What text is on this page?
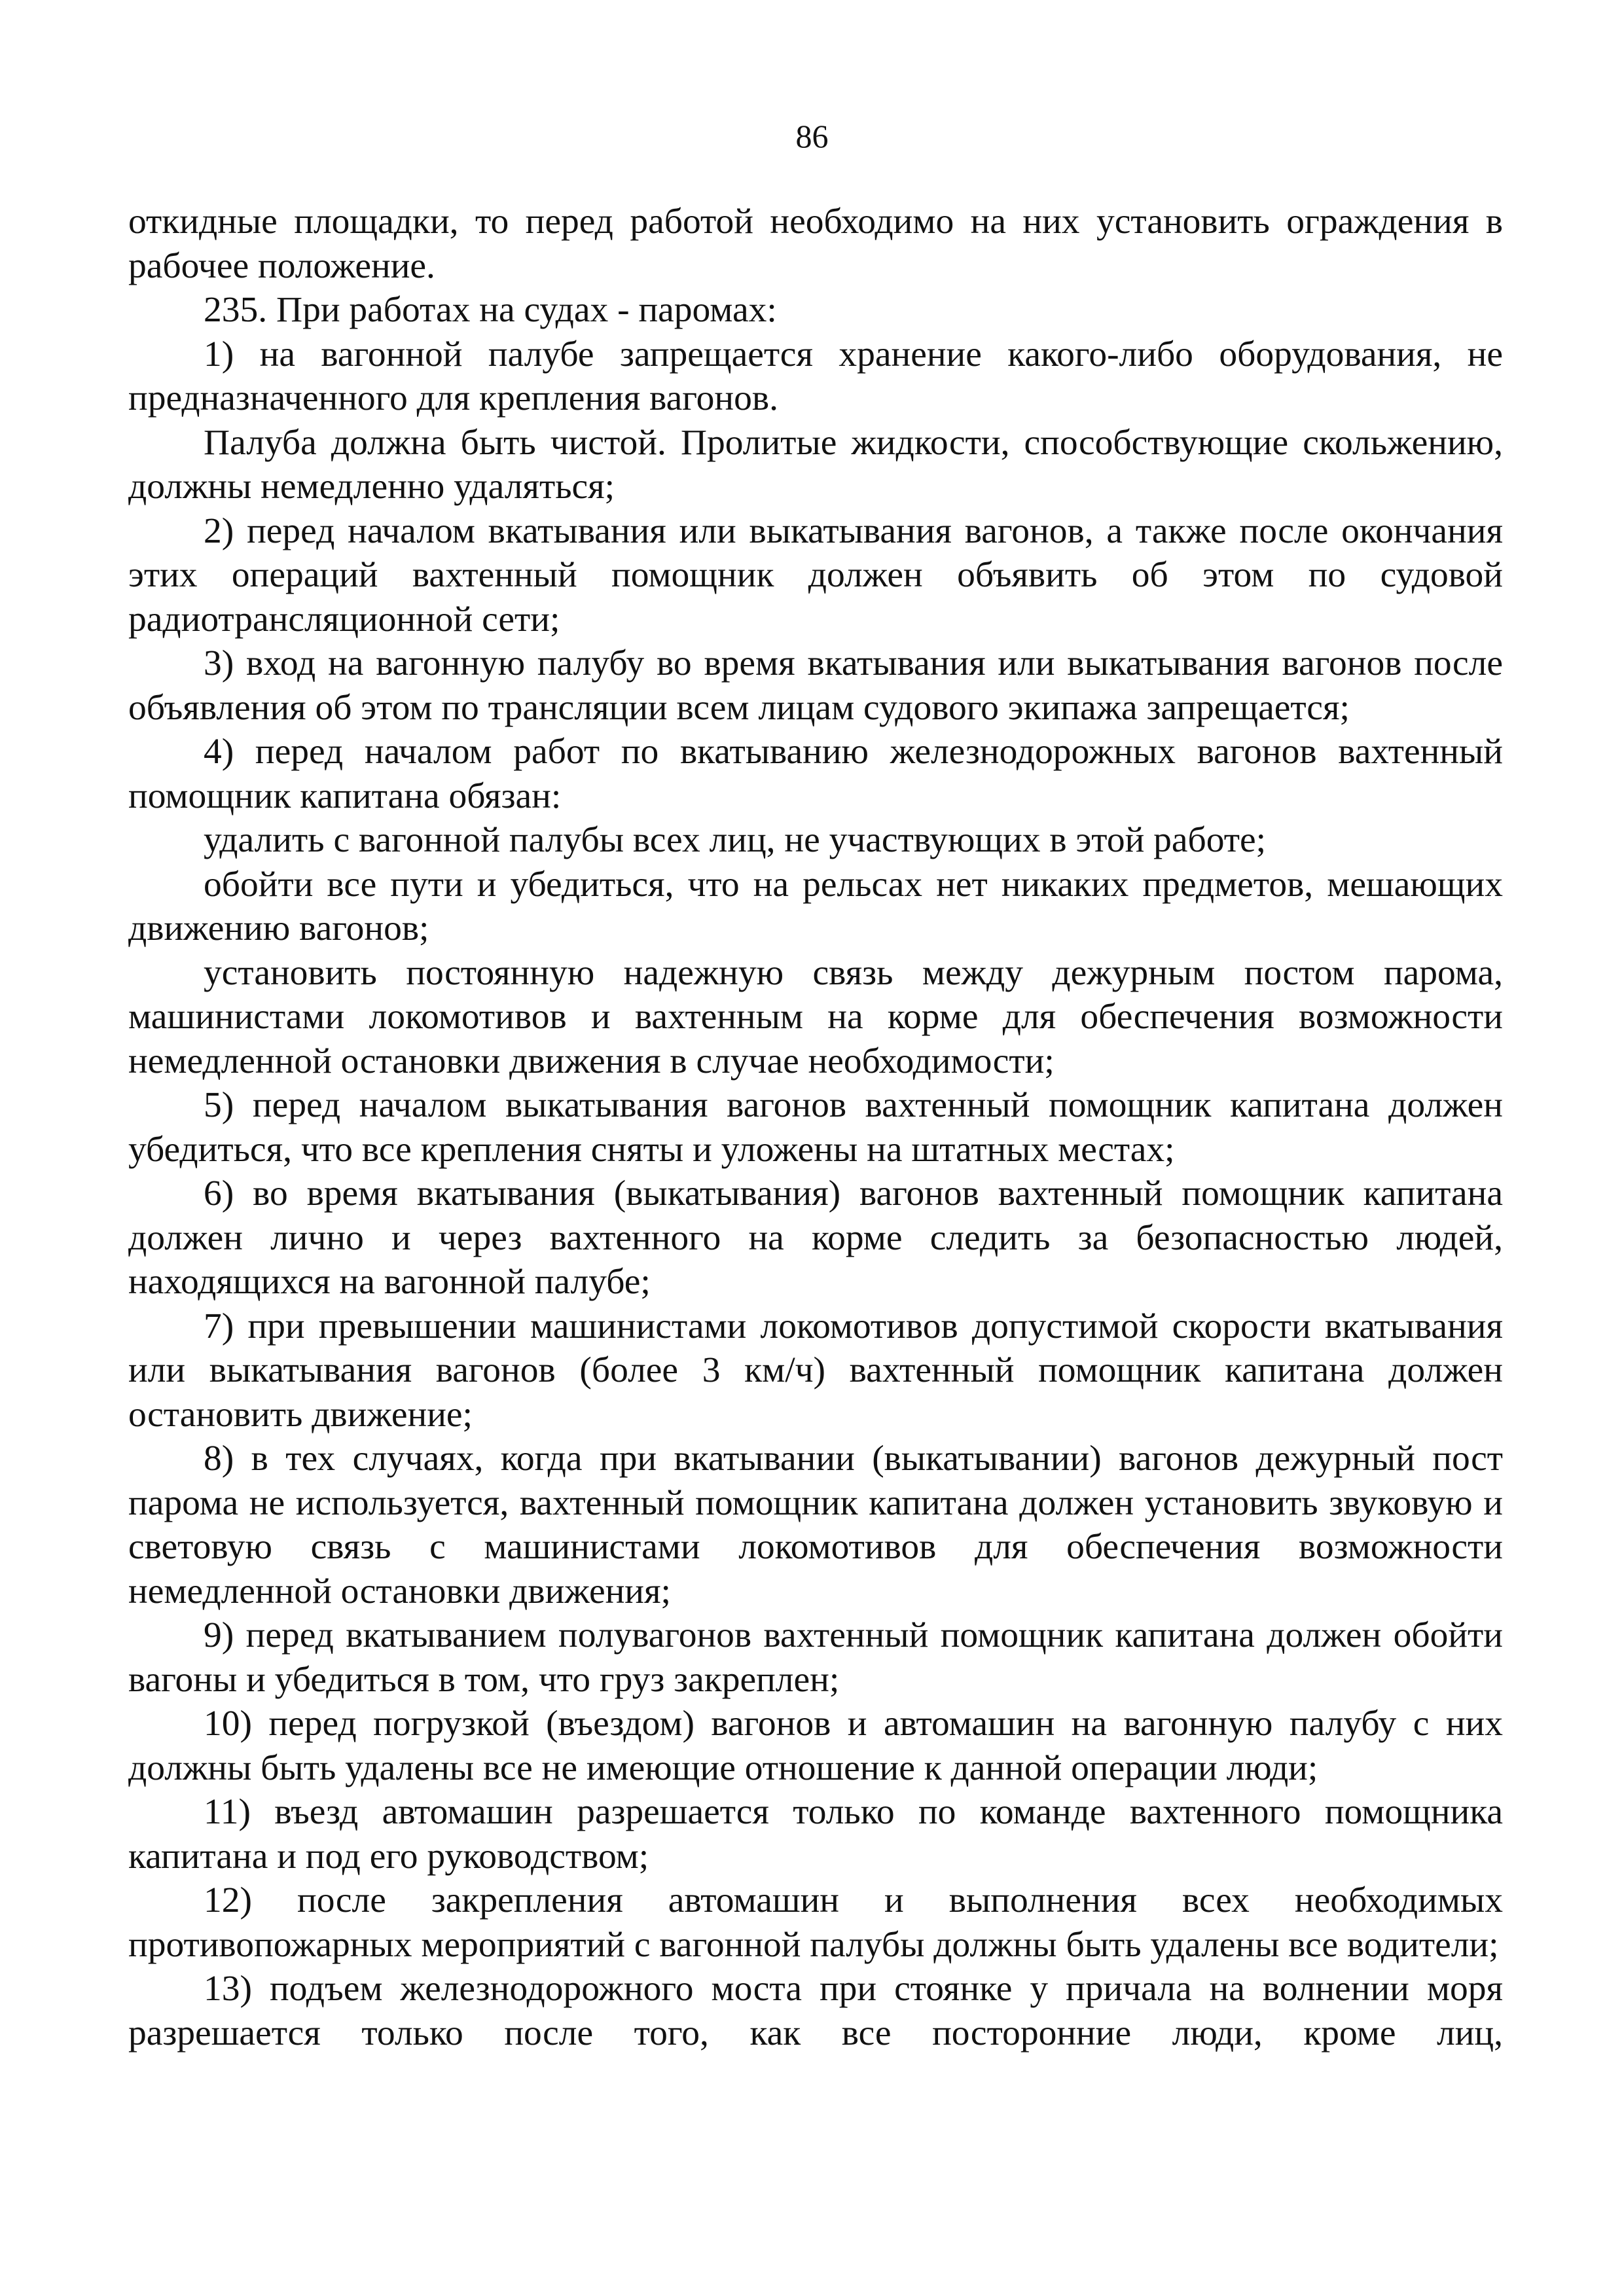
86

откидные площадки, то перед работой необходимо на них установить ограждения в рабочее положение.

235. При работах на судах - паромах:

1) на вагонной палубе запрещается хранение какого-либо оборудования, не предназначенного для крепления вагонов.

Палуба должна быть чистой. Пролитые жидкости, способствующие скольжению, должны немедленно удаляться;

2) перед началом вкатывания или выкатывания вагонов, а также после окончания этих операций вахтенный помощник должен объявить об этом по судовой радиотрансляционной сети;

3) вход на вагонную палубу во время вкатывания или выкатывания вагонов после объявления об этом по трансляции всем лицам судового экипажа запрещается;

4) перед началом работ по вкатыванию железнодорожных вагонов вахтенный помощник капитана обязан:

удалить с вагонной палубы всех лиц, не участвующих в этой работе;

обойти все пути и убедиться, что на рельсах нет никаких предметов, мешающих движению вагонов;

установить постоянную надежную связь между дежурным постом парома, машинистами локомотивов и вахтенным на корме для обеспечения возможности немедленной остановки движения в случае необходимости;

5) перед началом выкатывания вагонов вахтенный помощник капитана должен убедиться, что все крепления сняты и уложены на штатных местах;

6) во время вкатывания (выкатывания) вагонов вахтенный помощник капитана должен лично и через вахтенного на корме следить за безопасностью людей, находящихся на вагонной палубе;

7) при превышении машинистами локомотивов допустимой скорости вкатывания или выкатывания вагонов (более 3 км/ч) вахтенный помощник капитана должен остановить движение;

8) в тех случаях, когда при вкатывании (выкатывании) вагонов дежурный пост парома не используется, вахтенный помощник капитана должен установить звуковую и световую связь с машинистами локомотивов для обеспечения возможности немедленной остановки движения;

9) перед вкатыванием полувагонов вахтенный помощник капитана должен обойти вагоны и убедиться в том, что груз закреплен;

10) перед погрузкой (въездом) вагонов и автомашин на вагонную палубу с них должны быть удалены все не имеющие отношение к данной операции люди;

11) въезд автомашин разрешается только по команде вахтенного помощника капитана и под его руководством;

12) после закрепления автомашин и выполнения всех необходимых противопожарных мероприятий с вагонной палубы должны быть удалены все водители;

13) подъем железнодорожного моста при стоянке у причала на волнении моря разрешается только после того, как все посторонние люди, кроме лиц,
